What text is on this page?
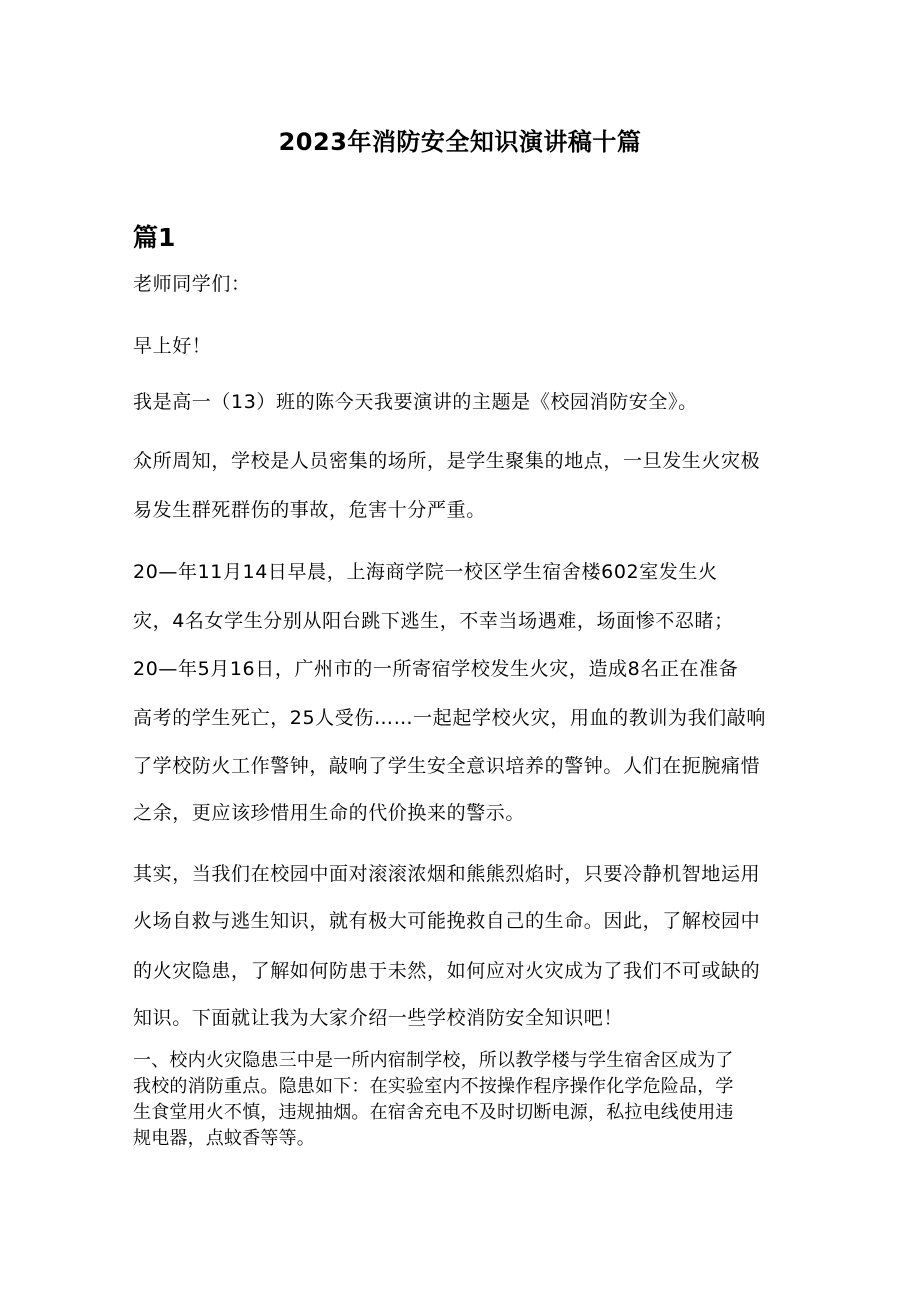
2023年消防安全知识演讲稿十篇
篇1
老师同学们：
早上好！
我是高一（13）班的陈今天我要演讲的主题是《校园消防安全》。
众所周知，学校是人员密集的场所，是学生聚集的地点，一旦发生火灾极
易发生群死群伤的事故，危害十分严重。
20—年11月14日早晨，上海商学院一校区学生宿舍楼602室发生火
灾，4名女学生分别从阳台跳下逃生，不幸当场遇难，场面惨不忍睹；
20—年5月16日，广州市的一所寄宿学校发生火灾，造成8名正在准备
高考的学生死亡，25人受伤……一起起学校火灾，用血的教训为我们敲响
了学校防火工作警钟，敲响了学生安全意识培养的警钟。人们在扼腕痛惜
之余，更应该珍惜用生命的代价换来的警示。
其实，当我们在校园中面对滚滚浓烟和熊熊烈焰时，只要冷静机智地运用
火场自救与逃生知识，就有极大可能挽救自己的生命。因此，了解校园中
的火灾隐患，了解如何防患于未然，如何应对火灾成为了我们不可或缺的
知识。下面就让我为大家介绍一些学校消防安全知识吧！
一、校内火灾隐患三中是一所内宿制学校，所以教学楼与学生宿舍区成为了
我校的消防重点。隐患如下：在实验室内不按操作程序操作化学危险品，学
生食堂用火不慎，违规抽烟。在宿舍充电不及时切断电源，私拉电线使用违
规电器，点蚊香等等。
